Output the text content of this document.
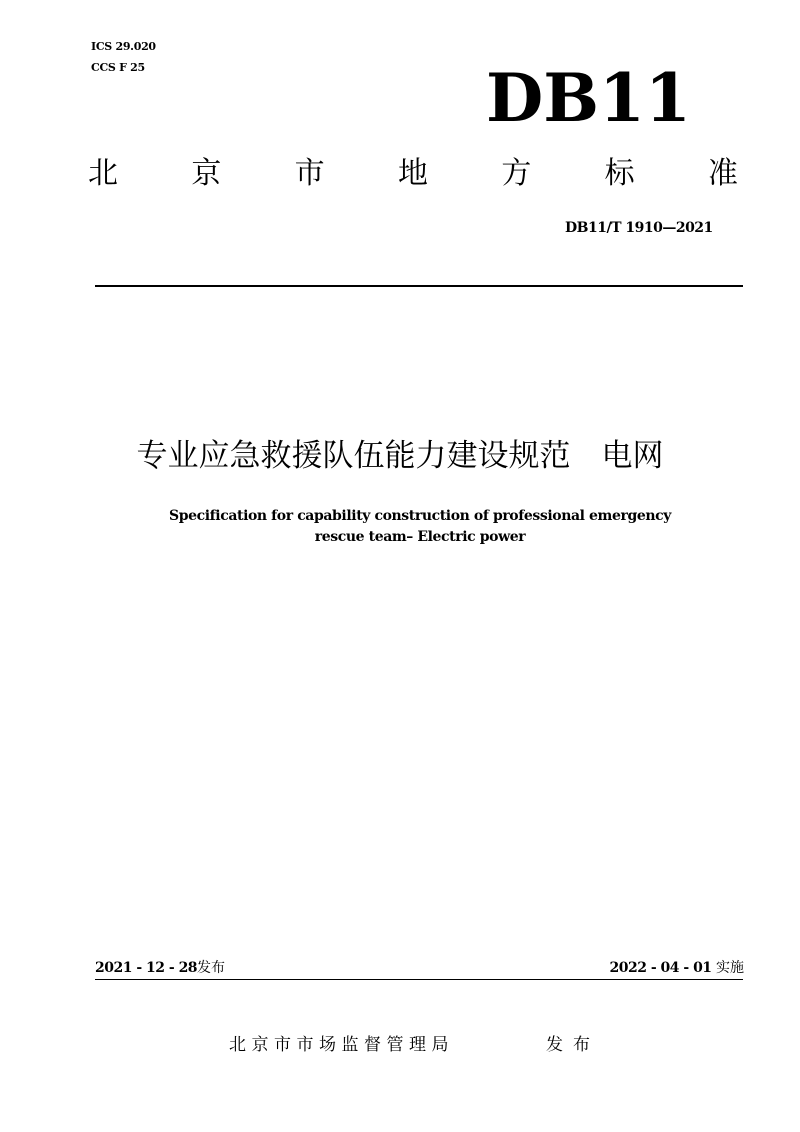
ICS 29.020
CCS F 25	DB11
北 京 市 地 方 标 准
DB11/T 1910—2021
专业应急救援队伍能力建设规范　电网
Specification for capability construction of professional emergency
rescue team– Electric power
2021 - 12 - 28发布	2022 - 04 - 01 实施
北京市市场监督管理局	发布
